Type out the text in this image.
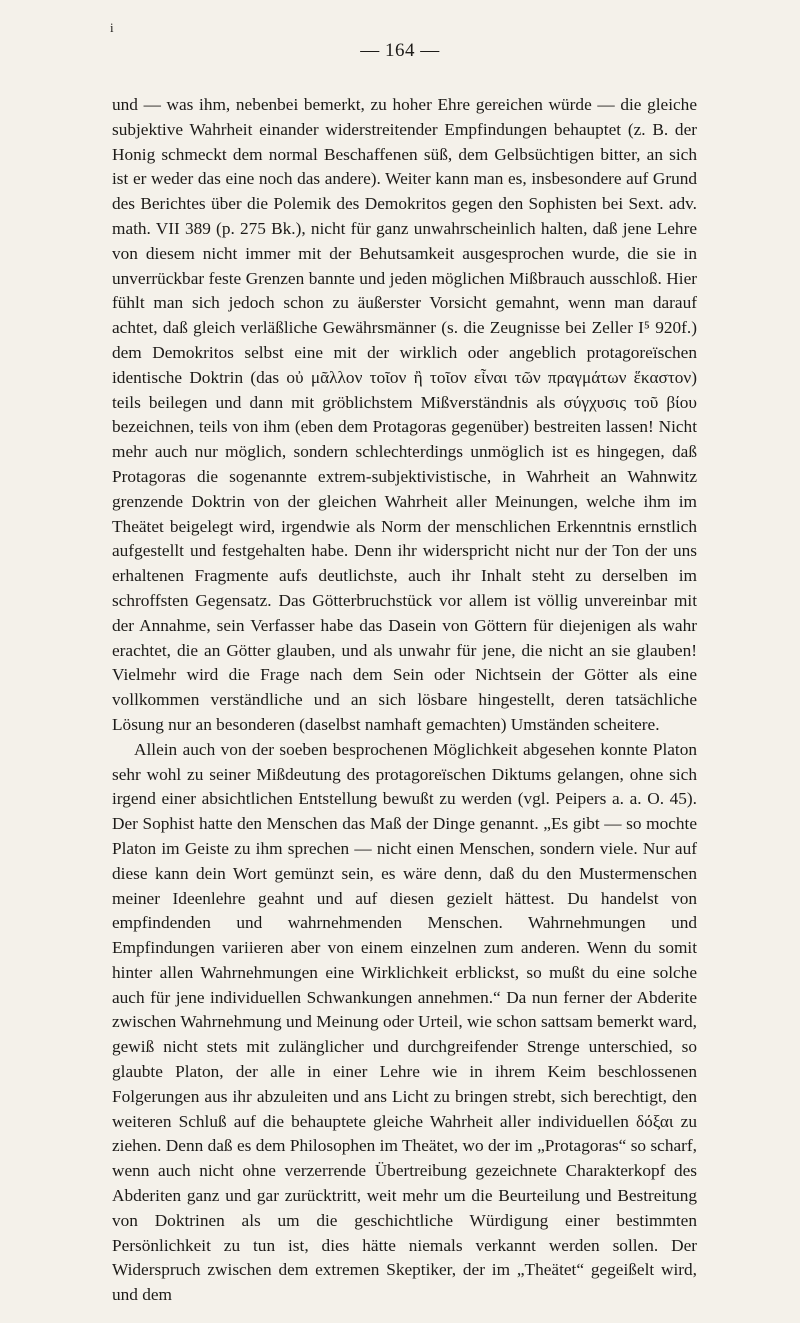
i
— 164 —

und — was ihm, nebenbei bemerkt, zu hoher Ehre gereichen würde — die gleiche subjektive Wahrheit einander widerstreitender Empfindungen behauptet (z. B. der Honig schmeckt dem normal Beschaffenen süß, dem Gelbsüchtigen bitter, an sich ist er weder das eine noch das andere). Weiter kann man es, insbesondere auf Grund des Berichtes über die Polemik des Demokritos gegen den Sophisten bei Sext. adv. math. VII 389 (p. 275 Bk.), nicht für ganz unwahrscheinlich halten, daß jene Lehre von diesem nicht immer mit der Behutsamkeit ausgesprochen wurde, die sie in unverrückbar feste Grenzen bannte und jeden möglichen Mißbrauch ausschloß. Hier fühlt man sich jedoch schon zu äußerster Vorsicht gemahnt, wenn man darauf achtet, daß gleich verläßliche Gewährsmänner (s. die Zeugnisse bei Zeller I⁵ 920f.) dem Demokritos selbst eine mit der wirklich oder angeblich protagoreïschen identische Doktrin (das οὐ μᾶλλον τοῖον ἢ τοῖον εἶναι τῶν πραγμάτων ἕκαστον) teils beilegen und dann mit gröblichstem Mißverständnis als σύγχυσις τοῦ βίου bezeichnen, teils von ihm (eben dem Protagoras gegenüber) bestreiten lassen! Nicht mehr auch nur möglich, sondern schlechterdings unmöglich ist es hingegen, daß Protagoras die sogenannte extrem-subjektivistische, in Wahrheit an Wahnwitz grenzende Doktrin von der gleichen Wahrheit aller Meinungen, welche ihm im Theätet beigelegt wird, irgendwie als Norm der menschlichen Erkenntnis ernstlich aufgestellt und festgehalten habe. Denn ihr widerspricht nicht nur der Ton der uns erhaltenen Fragmente aufs deutlichste, auch ihr Inhalt steht zu derselben im schroffsten Gegensatz. Das Götterbruchstück vor allem ist völlig unvereinbar mit der Annahme, sein Verfasser habe das Dasein von Göttern für diejenigen als wahr erachtet, die an Götter glauben, und als unwahr für jene, die nicht an sie glauben! Vielmehr wird die Frage nach dem Sein oder Nichtsein der Götter als eine vollkommen verständliche und an sich lösbare hingestellt, deren tatsächliche Lösung nur an besonderen (daselbst namhaft gemachten) Umständen scheitere.

Allein auch von der soeben besprochenen Möglichkeit abgesehen konnte Platon sehr wohl zu seiner Mißdeutung des protagoreïschen Diktums gelangen, ohne sich irgend einer absichtlichen Entstellung bewußt zu werden (vgl. Peipers a. a. O. 45). Der Sophist hatte den Menschen das Maß der Dinge genannt. „Es gibt — so mochte Platon im Geiste zu ihm sprechen — nicht einen Menschen, sondern viele. Nur auf diese kann dein Wort gemünzt sein, es wäre denn, daß du den Mustermenschen meiner Ideenlehre geahnt und auf diesen gezielt hättest. Du handelst von empfindenden und wahrnehmenden Menschen. Wahrnehmungen und Empfindungen variieren aber von einem einzelnen zum anderen. Wenn du somit hinter allen Wahrnehmungen eine Wirklichkeit erblickst, so mußt du eine solche auch für jene individuellen Schwankungen annehmen.“ Da nun ferner der Abderite zwischen Wahrnehmung und Meinung oder Urteil, wie schon sattsam bemerkt ward, gewiß nicht stets mit zulänglicher und durchgreifender Strenge unterschied, so glaubte Platon, der alle in einer Lehre wie in ihrem Keim beschlossenen Folgerungen aus ihr abzuleiten und ans Licht zu bringen strebt, sich berechtigt, den weiteren Schluß auf die behauptete gleiche Wahrheit aller individuellen δόξαι zu ziehen. Denn daß es dem Philosophen im Theätet, wo der im „Protagoras“ so scharf, wenn auch nicht ohne verzerrende Übertreibung gezeichnete Charakterkopf des Abderiten ganz und gar zurücktritt, weit mehr um die Beurteilung und Bestreitung von Doktrinen als um die geschichtliche Würdigung einer bestimmten Persönlichkeit zu tun ist, dies hätte niemals verkannt werden sollen. Der Widerspruch zwischen dem extremen Skeptiker, der im „Theätet“ gegeißelt wird, und dem
